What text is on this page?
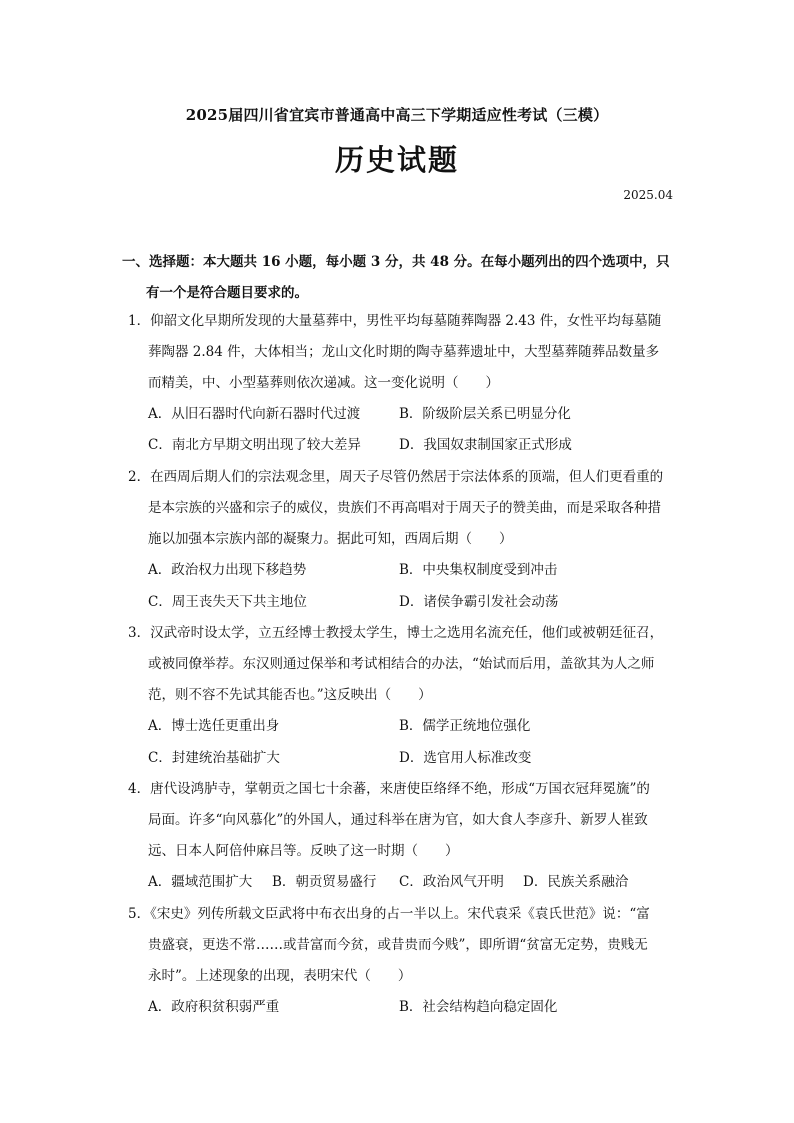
2025届四川省宜宾市普通高中高三下学期适应性考试（三模）
历史试题
2025.04
一、选择题：本大题共 16 小题，每小题 3 分，共 48 分。在每小题列出的四个选项中，只
有一个是符合题目要求的。
1．仰韶文化早期所发现的大量墓葬中，男性平均每墓随葬陶器 2.43 件，女性平均每墓随
葬陶器 2.84 件，大体相当；龙山文化时期的陶寺墓葬遗址中，大型墓葬随葬品数量多
而精美，中、小型墓葬则依次递减。这一变化说明（　　）
A．从旧石器时代向新石器时代过渡	B．阶级阶层关系已明显分化
C．南北方早期文明出现了较大差异	D．我国奴隶制国家正式形成
2．在西周后期人们的宗法观念里，周天子尽管仍然居于宗法体系的顶端，但人们更看重的
是本宗族的兴盛和宗子的威仪，贵族们不再高唱对于周天子的赞美曲，而是采取各种措
施以加强本宗族内部的凝聚力。据此可知，西周后期（　　）
A．政治权力出现下移趋势	B．中央集权制度受到冲击
C．周王丧失天下共主地位	D．诸侯争霸引发社会动荡
3．汉武帝时设太学，立五经博士教授太学生，博士之选用名流充任，他们或被朝廷征召，
或被同僚举荐。东汉则通过保举和考试相结合的办法，“始试而后用，盖欲其为人之师
范，则不容不先试其能否也。”这反映出（　　）
A．博士选任更重出身	B．儒学正统地位强化
C．封建统治基础扩大	D．选官用人标准改变
4．唐代设鸿胪寺，掌朝贡之国七十余蕃，来唐使臣络绎不绝，形成“万国衣冠拜冕旒”的
局面。许多“向风慕化”的外国人，通过科举在唐为官，如大食人李彦升、新罗人崔致
远、日本人阿倍仲麻吕等。反映了这一时期（　　）
A．疆域范围扩大 B．朝贡贸易盛行 C．政治风气开明 D．民族关系融洽
5．《宋史》列传所载文臣武将中布衣出身的占一半以上。宋代袁采《袁氏世范》说：“富
贵盛衰，更迭不常……或昔富而今贫，或昔贵而今贱”，即所谓“贫富无定势，贵贱无
永时”。上述现象的出现，表明宋代（　　）
A．政府积贫积弱严重	B．社会结构趋向稳定固化
